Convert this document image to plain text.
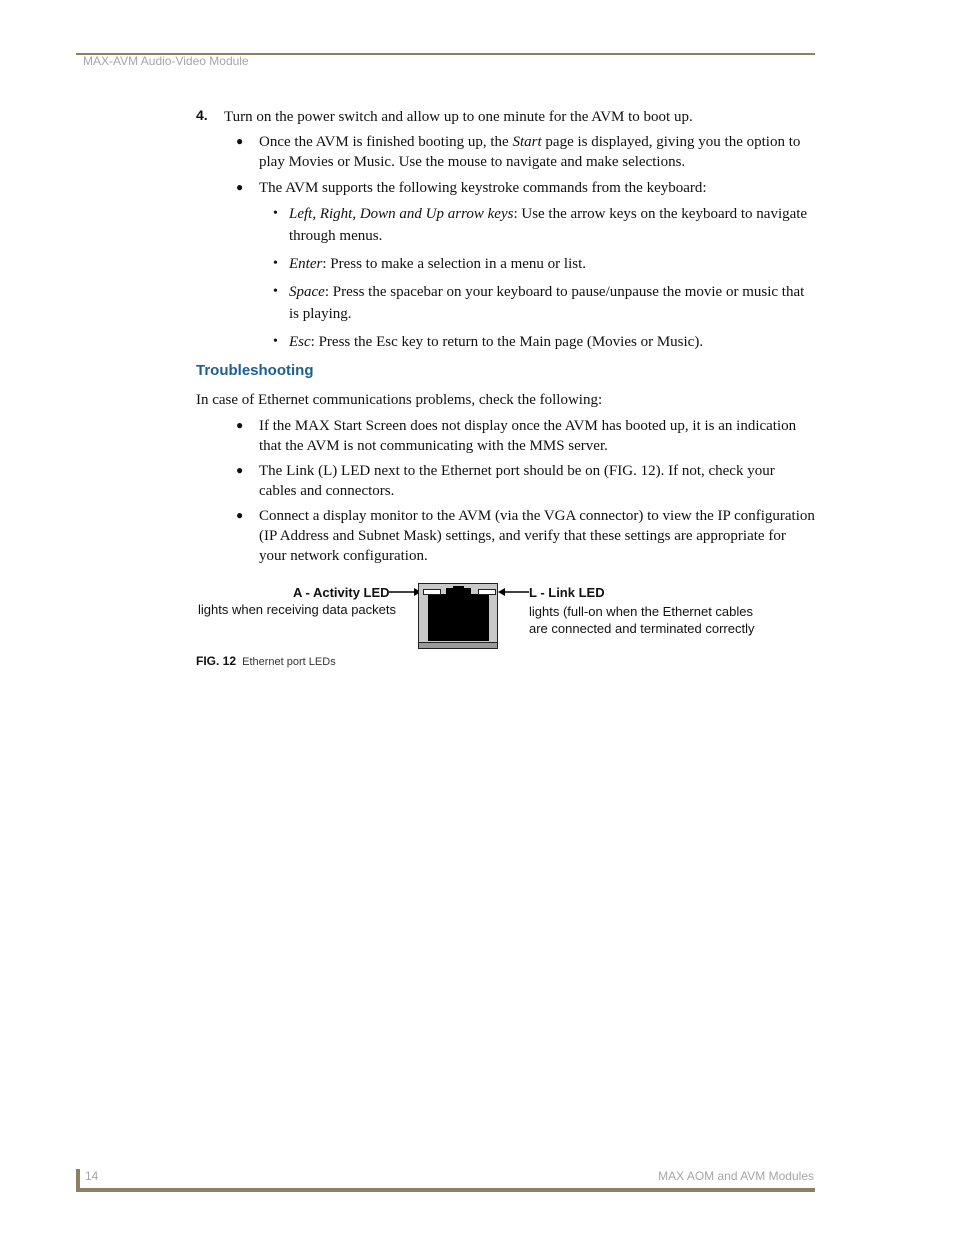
MAX-AVM Audio-Video Module
4. Turn on the power switch and allow up to one minute for the AVM to boot up.
● Once the AVM is finished booting up, the Start page is displayed, giving you the option to play Movies or Music. Use the mouse to navigate and make selections.
● The AVM supports the following keystroke commands from the keyboard:
• Left, Right, Down and Up arrow keys: Use the arrow keys on the keyboard to navigate through menus.
• Enter: Press to make a selection in a menu or list.
• Space: Press the spacebar on your keyboard to pause/unpause the movie or music that is playing.
• Esc: Press the Esc key to return to the Main page (Movies or Music).
Troubleshooting
In case of Ethernet communications problems, check the following:
● If the MAX Start Screen does not display once the AVM has booted up, it is an indication that the AVM is not communicating with the MMS server.
● The Link (L) LED next to the Ethernet port should be on (FIG. 12). If not, check your cables and connectors.
● Connect a display monitor to the AVM (via the VGA connector) to view the IP configuration (IP Address and Subnet Mask) settings, and verify that these settings are appropriate for your network configuration.
A - Activity LED
lights when receiving data packets
L - Link LED
lights (full-on when the Ethernet cables
are connected and terminated correctly
FIG. 12 Ethernet port LEDs
14	MAX AOM and AVM Modules
